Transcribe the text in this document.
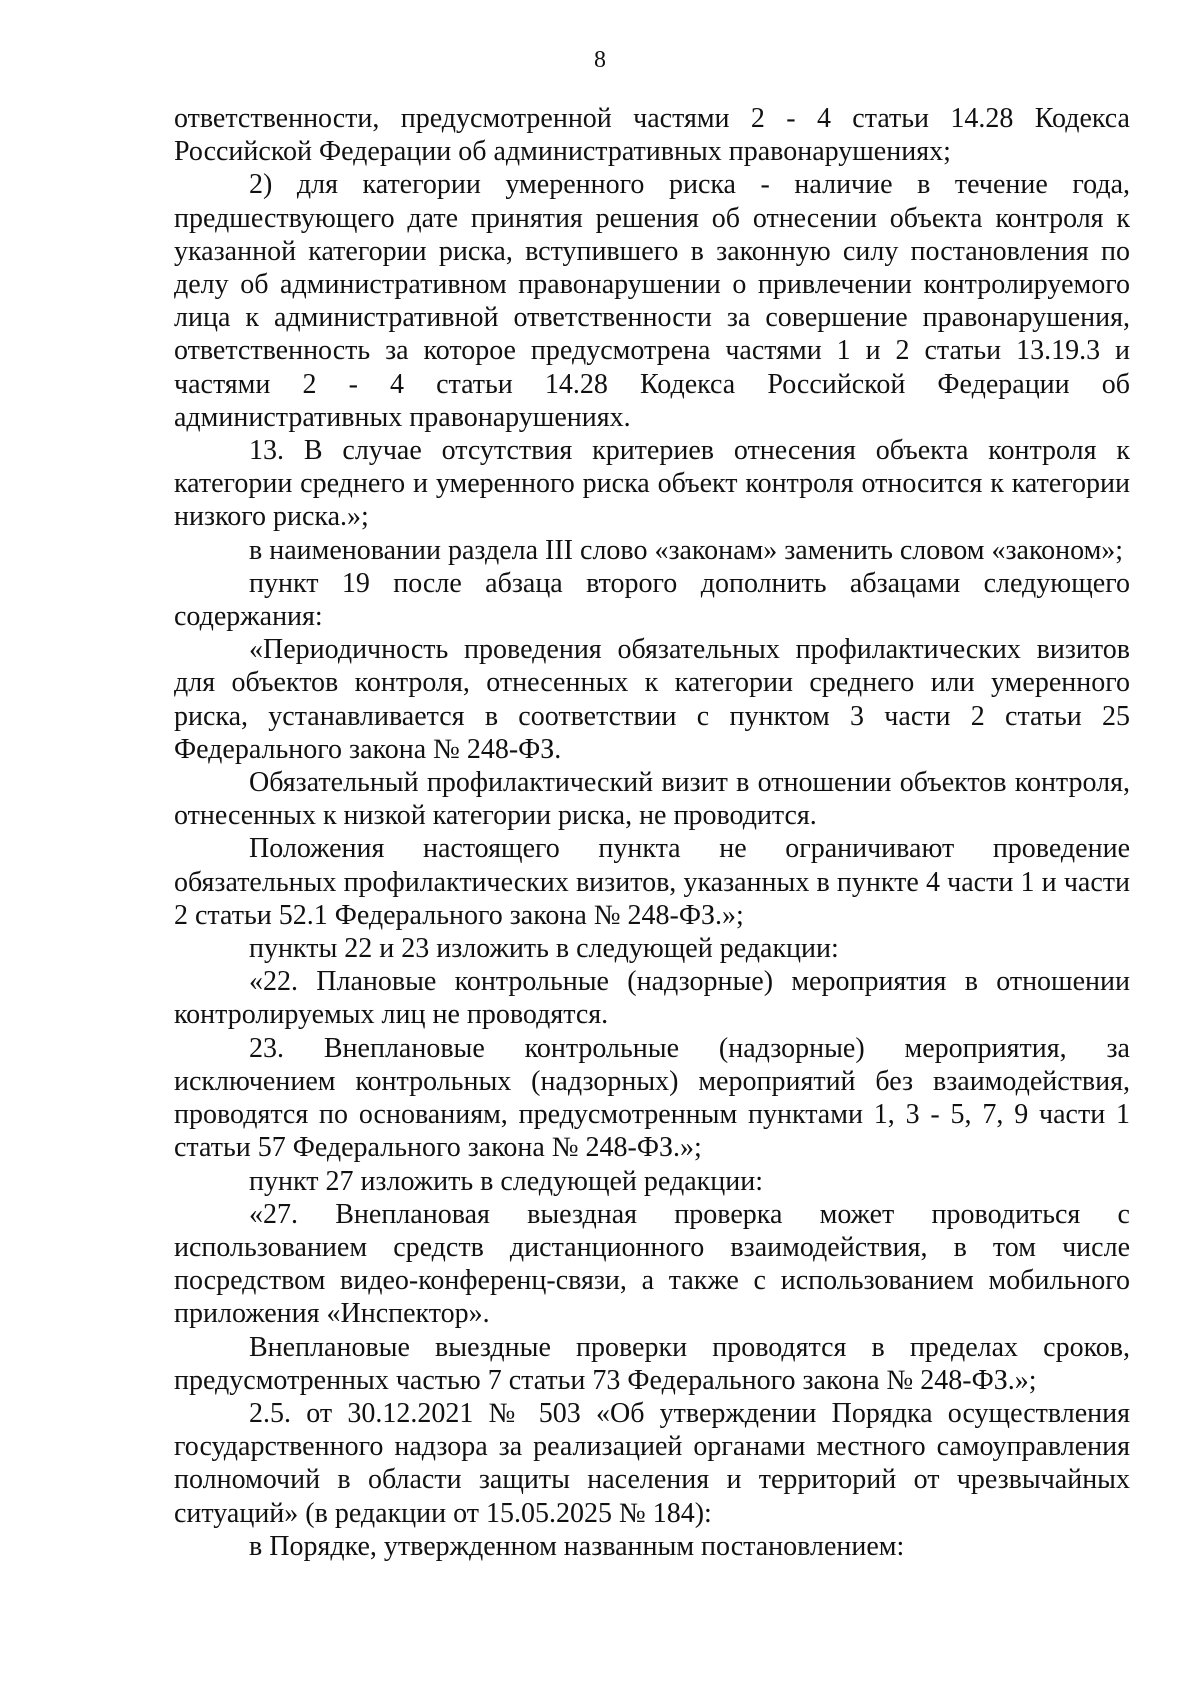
8

ответственности, предусмотренной частями 2 - 4 статьи 14.28 Кодекса Российской Федерации об административных правонарушениях;

2) для категории умеренного риска - наличие в течение года, предшествующего дате принятия решения об отнесении объекта контроля к указанной категории риска, вступившего в законную силу постановления по делу об административном правонарушении о привлечении контролируемого лица к административной ответственности за совершение правонарушения, ответственность за которое предусмотрена частями 1 и 2 статьи 13.19.3 и частями 2 - 4 статьи 14.28 Кодекса Российской Федерации об административных правонарушениях.

13. В случае отсутствия критериев отнесения объекта контроля к категории среднего и умеренного риска объект контроля относится к категории низкого риска.»;

в наименовании раздела III слово «законам» заменить словом «законом»;

пункт 19 после абзаца второго дополнить абзацами следующего содержания:

«Периодичность проведения обязательных профилактических визитов для объектов контроля, отнесенных к категории среднего или умеренного риска, устанавливается в соответствии с пунктом 3 части 2 статьи 25 Федерального закона № 248-ФЗ.

Обязательный профилактический визит в отношении объектов контроля, отнесенных к низкой категории риска, не проводится.

Положения настоящего пункта не ограничивают проведение обязательных профилактических визитов, указанных в пункте 4 части 1 и части 2 статьи 52.1 Федерального закона № 248-ФЗ.»;

пункты 22 и 23 изложить в следующей редакции:

«22. Плановые контрольные (надзорные) мероприятия в отношении контролируемых лиц не проводятся.

23. Внеплановые контрольные (надзорные) мероприятия, за исключением контрольных (надзорных) мероприятий без взаимодействия, проводятся по основаниям, предусмотренным пунктами 1, 3 - 5, 7, 9 части 1 статьи 57 Федерального закона № 248-ФЗ.»;

пункт 27 изложить в следующей редакции:

«27. Внеплановая выездная проверка может проводиться с использованием средств дистанционного взаимодействия, в том числе посредством видео-конференц-связи, а также с использованием мобильного приложения «Инспектор».

Внеплановые выездные проверки проводятся в пределах сроков, предусмотренных частью 7 статьи 73 Федерального закона № 248-ФЗ.»;

2.5. от 30.12.2021 № 503 «Об утверждении Порядка осуществления государственного надзора за реализацией органами местного самоуправления полномочий в области защиты населения и территорий от чрезвычайных ситуаций» (в редакции от 15.05.2025 № 184):

в Порядке, утвержденном названным постановлением:
